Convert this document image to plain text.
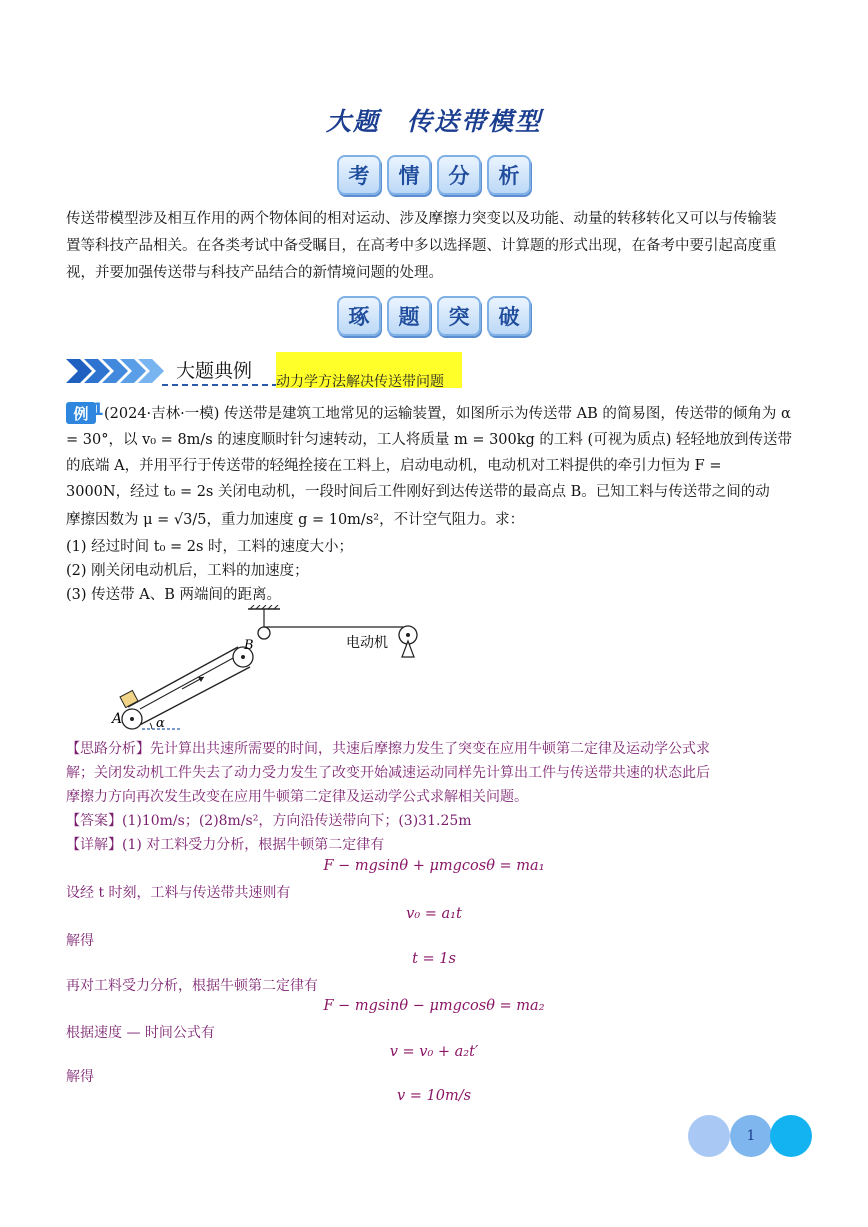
大题　传送带模型
考	情	分	析
传送带模型涉及相互作用的两个物体间的相对运动、涉及摩擦力突变以及功能、动量的转移转化又可以与传输装
置等科技产品相关。在各类考试中备受瞩目，在高考中多以选择题、计算题的形式出现，在备考中要引起高度重
视，并要加强传送带与科技产品结合的新情境问题的处理。
琢	题	突	破
大题典例 动力学方法解决传送带问题
例 1 (2024·吉林·一模) 传送带是建筑工地常见的运输装置，如图所示为传送带 AB 的简易图，传送带的倾角为 α
= 30°，以 v₀ = 8m/s 的速度顺时针匀速转动，工人将质量 m = 300kg 的工料 (可视为质点) 轻轻地放到传送带
的底端 A，并用平行于传送带的轻绳拴接在工料上，启动电动机，电动机对工料提供的牵引力恒为 F =
3000N，经过 t₀ = 2s 关闭电动机，一段时间后工件刚好到达传送带的最高点 B。已知工料与传送带之间的动
摩擦因数为 μ = √3/5，重力加速度 g = 10m/s²，不计空气阻力。求：
(1) 经过时间 t₀ = 2s 时，工料的速度大小；
(2) 刚关闭电动机后，工料的加速度；
(3) 传送带 A、B 两端间的距离。
A
B
α
电动机
【思路分析】先计算出共速所需要的时间，共速后摩擦力发生了突变在应用牛顿第二定律及运动学公式求
解；关闭发动机工件失去了动力受力发生了改变开始减速运动同样先计算出工件与传送带共速的状态此后
摩擦力方向再次发生改变在应用牛顿第二定律及运动学公式求解相关问题。
【答案】(1)10m/s；(2)8m/s²，方向沿传送带向下；(3)31.25m
【详解】(1) 对工料受力分析，根据牛顿第二定律有
F − mgsinθ + μmgcosθ = ma₁
设经 t 时刻，工料与传送带共速则有
v₀ = a₁t
解得
t = 1s
再对工料受力分析，根据牛顿第二定律有
F − mgsinθ − μmgcosθ = ma₂
根据速度 — 时间公式有
v = v₀ + a₂t′
解得
v = 10m/s
1
